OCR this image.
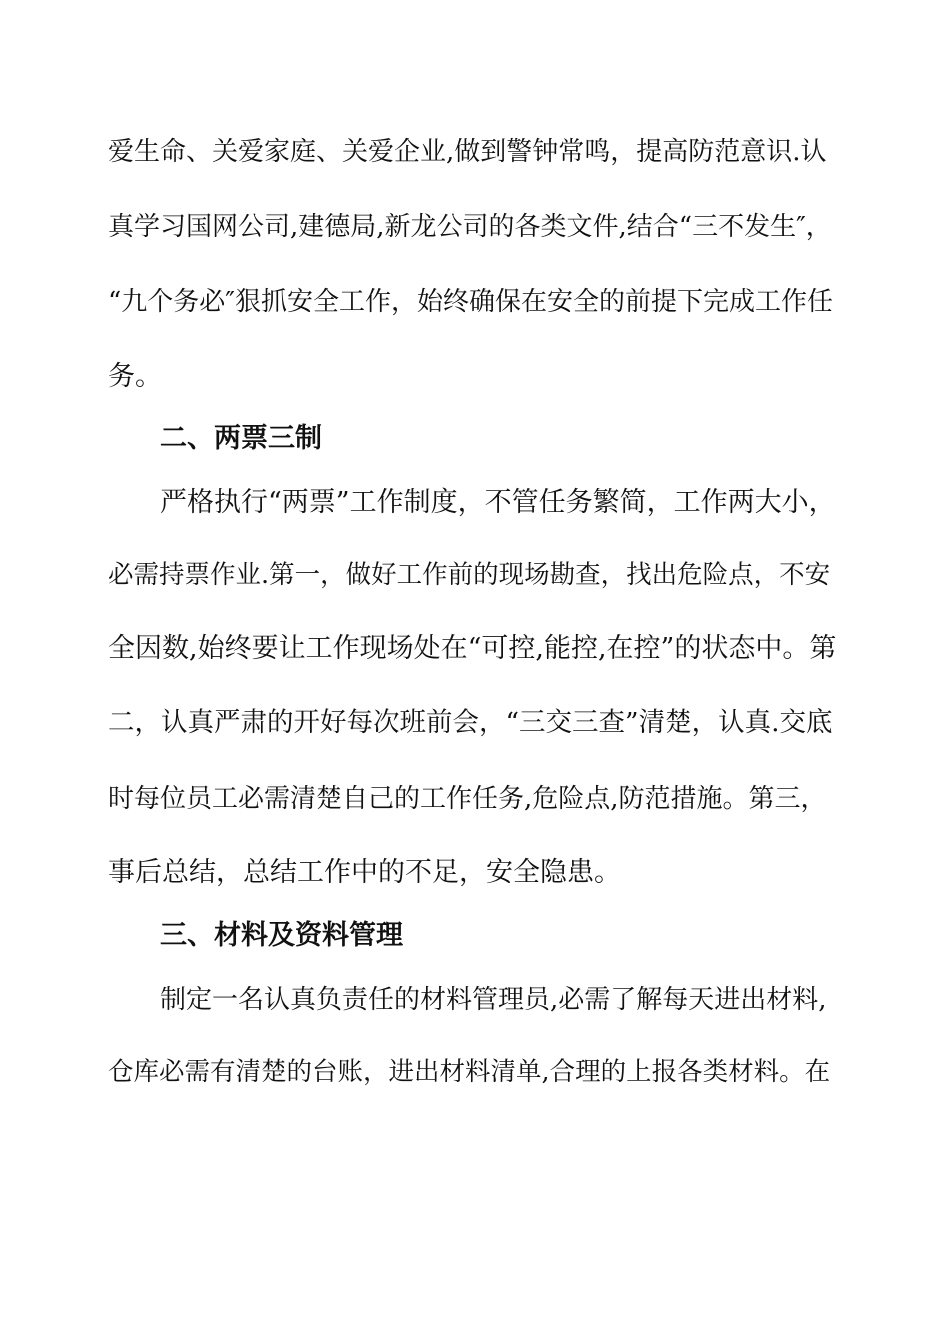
爱生命、关爱家庭、关爱企业,做到警钟常鸣，提高防范意识.认
真学习国网公司,建德局,新龙公司的各类文件,结合“三不发生″，
“九个务必″狠抓安全工作，始终确保在安全的前提下完成工作任
务。
二、两票三制
严格执行“两票”工作制度，不管任务繁简，工作两大小，
必需持票作业.第一，做好工作前的现场勘查，找出危险点，不安
全因数,始终要让工作现场处在“可控,能控,在控”的状态中。第
二，认真严肃的开好每次班前会，“三交三查”清楚，认真.交底
时每位员工必需清楚自己的工作任务,危险点,防范措施。第三，
事后总结，总结工作中的不足，安全隐患。
三、材料及资料管理
制定一名认真负责任的材料管理员,必需了解每天进出材料,
仓库必需有清楚的台账，进出材料清单,合理的上报各类材料。在
